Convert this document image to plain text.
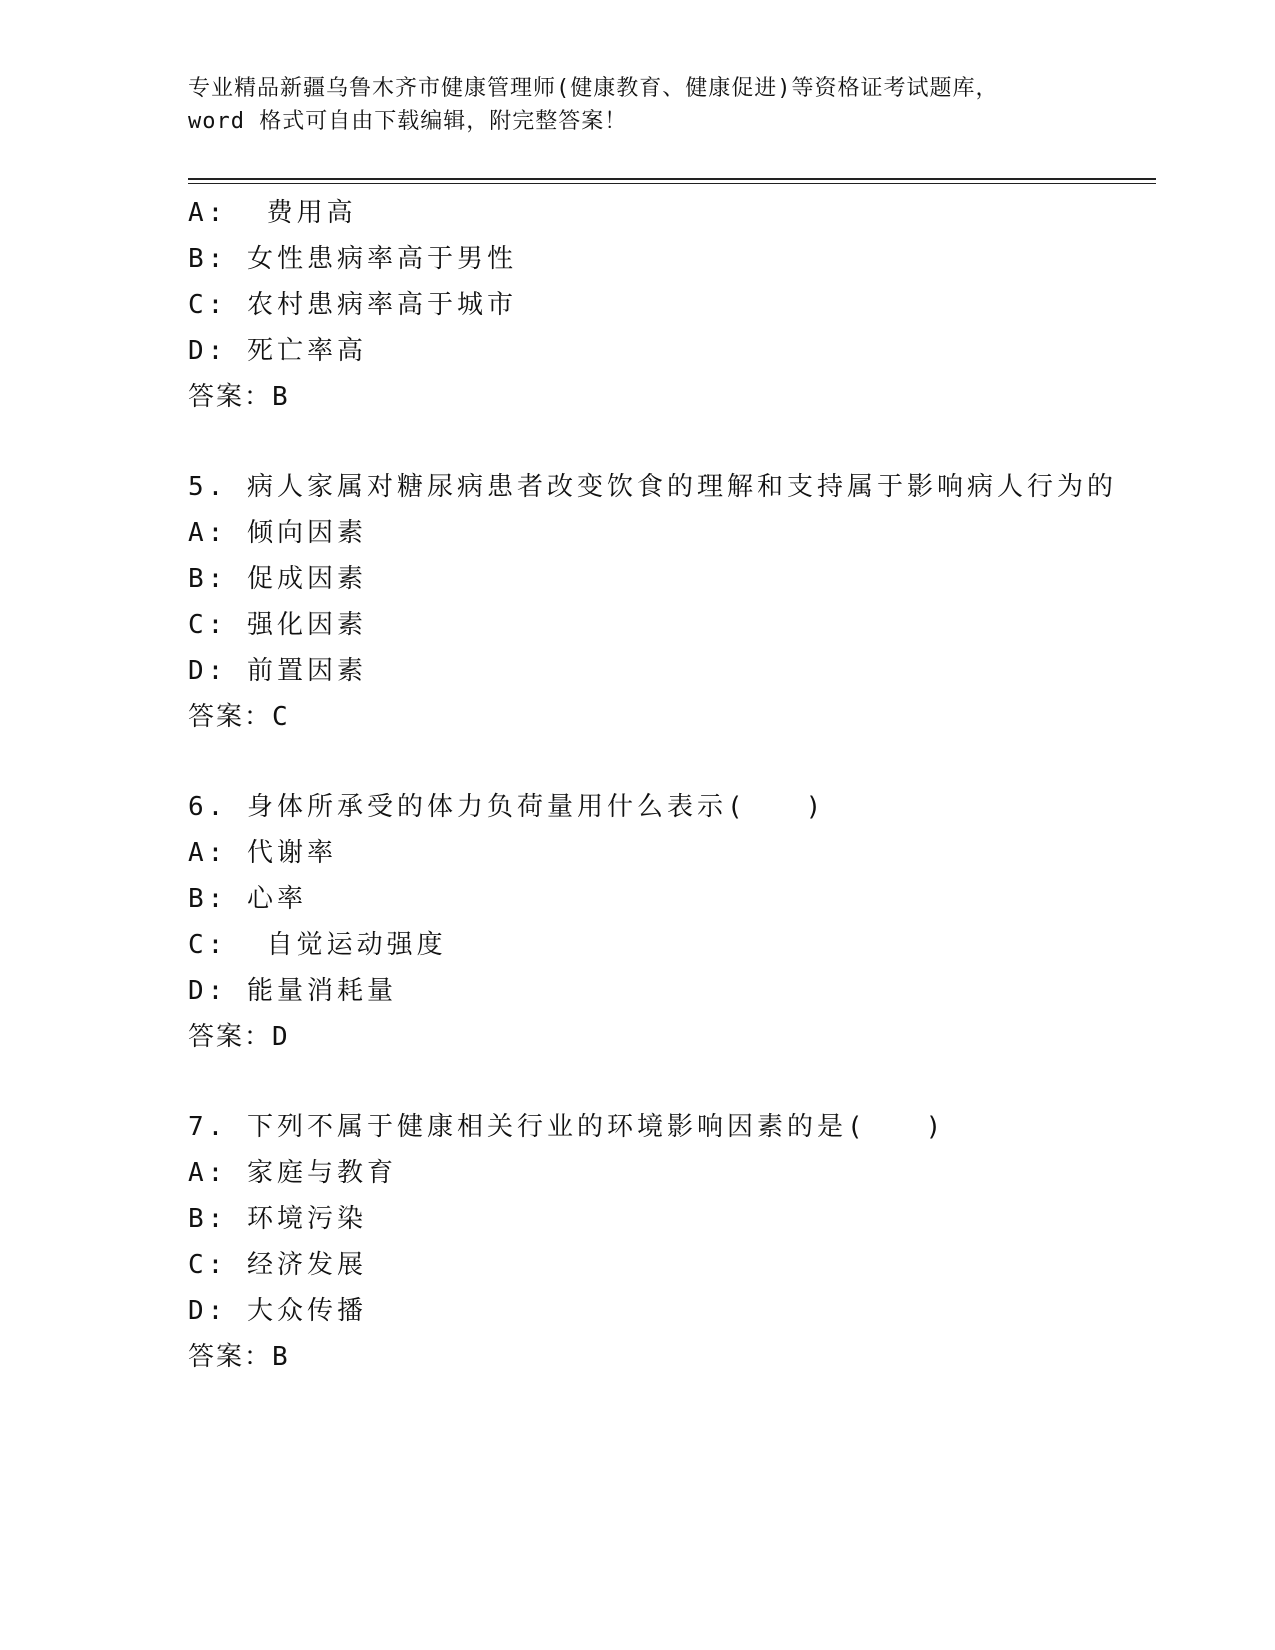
专业精品新疆乌鲁木齐市健康管理师(健康教育、健康促进)等资格证考试题库，
word 格式可自由下载编辑，附完整答案！
A:  费用高
B: 女性患病率高于男性
C: 农村患病率高于城市
D: 死亡率高
答案：B
5. 病人家属对糖尿病患者改变饮食的理解和支持属于影响病人行为的
A: 倾向因素
B: 促成因素
C: 强化因素
D: 前置因素
答案：C
6. 身体所承受的体力负荷量用什么表示(   )
A: 代谢率
B: 心率
C:  自觉运动强度
D: 能量消耗量
答案：D
7. 下列不属于健康相关行业的环境影响因素的是(   )
A: 家庭与教育
B: 环境污染
C: 经济发展
D: 大众传播
答案：B
